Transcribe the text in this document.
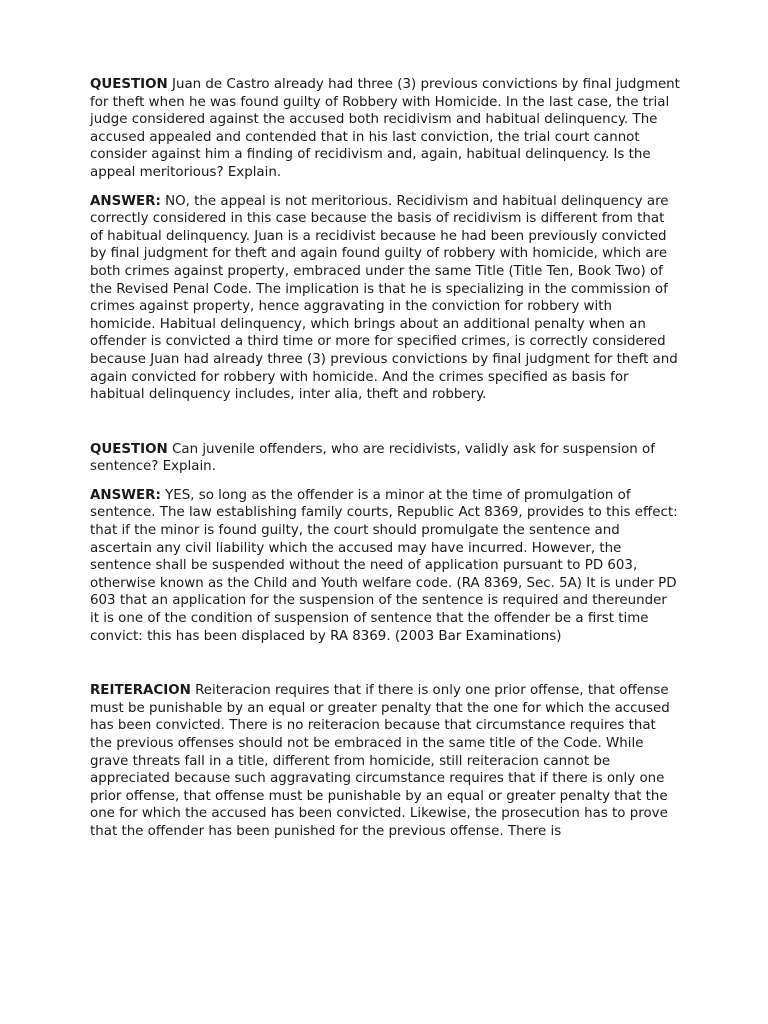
QUESTION Juan de Castro already had three (3) previous convictions by final judgment for theft when he was found guilty of Robbery with Homicide. In the last case, the trial judge considered against the accused both recidivism and habitual delinquency. The accused appealed and contended that in his last conviction, the trial court cannot consider against him a finding of recidivism and, again, habitual delinquency. Is the appeal meritorious? Explain.

ANSWER: NO, the appeal is not meritorious. Recidivism and habitual delinquency are correctly considered in this case because the basis of recidivism is different from that of habitual delinquency. Juan is a recidivist because he had been previously convicted by final judgment for theft and again found guilty of robbery with homicide, which are both crimes against property, embraced under the same Title (Title Ten, Book Two) of the Revised Penal Code. The implication is that he is specializing in the commission of crimes against property, hence aggravating in the conviction for robbery with homicide. Habitual delinquency, which brings about an additional penalty when an offender is convicted a third time or more for specified crimes, is correctly considered because Juan had already three (3) previous convictions by final judgment for theft and again convicted for robbery with homicide. And the crimes specified as basis for habitual delinquency includes, inter alia, theft and robbery.

QUESTION Can juvenile offenders, who are recidivists, validly ask for suspension of sentence? Explain.

ANSWER: YES, so long as the offender is a minor at the time of promulgation of sentence. The law establishing family courts, Republic Act 8369, provides to this effect: that if the minor is found guilty, the court should promulgate the sentence and ascertain any civil liability which the accused may have incurred. However, the sentence shall be suspended without the need of application pursuant to PD 603, otherwise known as the Child and Youth welfare code. (RA 8369, Sec. 5A) It is under PD 603 that an application for the suspension of the sentence is required and thereunder it is one of the condition of suspension of sentence that the offender be a first time convict: this has been displaced by RA 8369. (2003 Bar Examinations)

REITERACION Reiteracion requires that if there is only one prior offense, that offense must be punishable by an equal or greater penalty that the one for which the accused has been convicted. There is no reiteracion because that circumstance requires that the previous offenses should not be embraced in the same title of the Code. While grave threats fall in a title, different from homicide, still reiteracion cannot be appreciated because such aggravating circumstance requires that if there is only one prior offense, that offense must be punishable by an equal or greater penalty that the one for which the accused has been convicted. Likewise, the prosecution has to prove that the offender has been punished for the previous offense. There is
